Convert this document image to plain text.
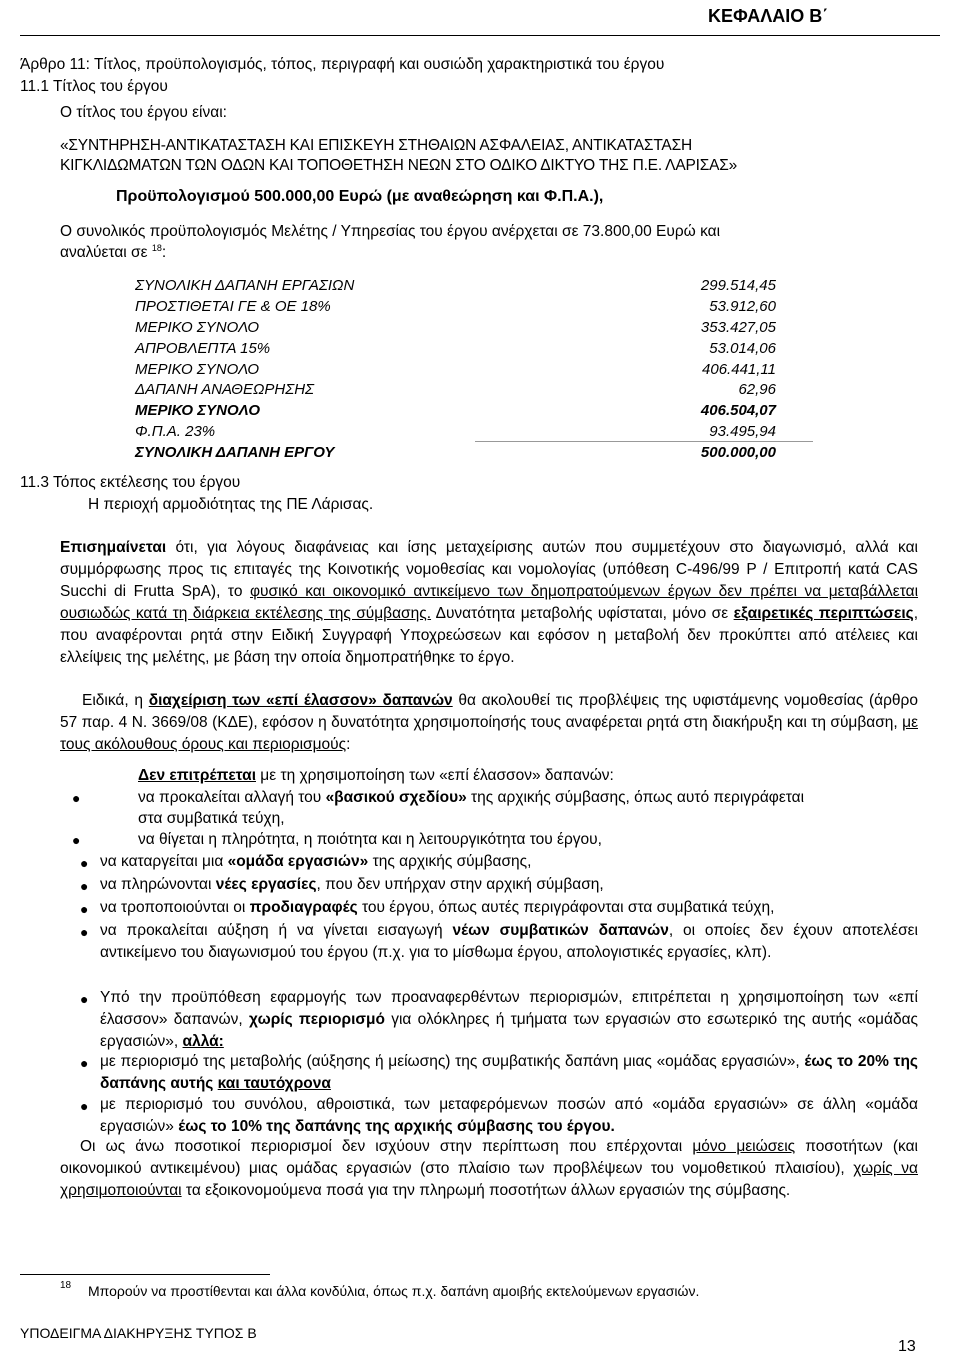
ΚΕΦΑΛΑΙΟ Β΄
Άρθρο 11: Τίτλος, προϋπολογισμός, τόπος, περιγραφή και ουσιώδη χαρακτηριστικά του έργου
11.1 Τίτλος του έργου
Ο τίτλος του έργου είναι:
«ΣΥΝΤΗΡΗΣΗ-ΑΝΤΙΚΑΤΑΣΤΑΣΗ ΚΑΙ ΕΠΙΣΚΕΥΗ ΣΤΗΘΑΙΩΝ ΑΣΦΑΛΕΙΑΣ, ΑΝΤΙΚΑΤΑΣΤΑΣΗ
ΚΙΓΚΛΙΔΩΜΑΤΩΝ ΤΩΝ ΟΔΩΝ ΚΑΙ ΤΟΠΟΘΕΤΗΣΗ ΝΕΩΝ ΣΤΟ ΟΔΙΚΟ ΔΙΚΤΥΟ ΤΗΣ Π.Ε. ΛΑΡΙΣΑΣ»
Προϋπολογισμού 500.000,00 Ευρώ (με αναθεώρηση και Φ.Π.Α.),
Ο συνολικός προϋπολογισμός Μελέτης / Υπηρεσίας του έργου ανέρχεται σε 73.800,00 Ευρώ και
αναλύεται σε $^{18}$:
ΣΥΝΟΛΙΚΗ ΔΑΠΑΝΗ ΕΡΓΑΣΙΩΝ	299.514,45
ΠΡΟΣΤΙΘΕΤΑΙ ΓΕ & ΟΕ 18%	53.912,60
ΜΕΡΙΚΟ ΣΥΝΟΛΟ	353.427,05
ΑΠΡΟΒΛΕΠΤΑ 15%	53.014,06
ΜΕΡΙΚΟ ΣΥΝΟΛΟ	406.441,11
ΔΑΠΑΝΗ ΑΝΑΘΕΩΡΗΣΗΣ	62,96
ΜΕΡΙΚΟ ΣΥΝΟΛΟ	406.504,07
Φ.Π.Α. 23%	93.495,94
ΣΥΝΟΛΙΚΗ ΔΑΠΑΝΗ ΕΡΓΟΥ	500.000,00
11.3 Τόπος εκτέλεσης του έργου
Η περιοχή αρμοδιότητας της ΠΕ Λάρισας.
Επισημαίνεται ότι, για λόγους διαφάνειας και ίσης μεταχείρισης αυτών που συμμετέχουν στο διαγωνισμό, αλλά και συμμόρφωσης προς τις επιταγές της Κοινοτικής νομοθεσίας και νομολογίας (υπόθεση C-496/99 Ρ / Επιτροπή κατά CAS Succhi di Frutta SpA), το φυσικό και οικονομικό αντικείμενο των δημοπρατούμενων έργων δεν πρέπει να μεταβάλλεται ουσιωδώς κατά τη διάρκεια εκτέλεσης της σύμβασης. Δυνατότητα μεταβολής υφίσταται, μόνο σε εξαιρετικές περιπτώσεις, που αναφέρονται ρητά στην Ειδική Συγγραφή Υποχρεώσεων και εφόσον η μεταβολή δεν προκύπτει από ατέλειες και ελλείψεις της μελέτης, με βάση την οποία δημοπρατήθηκε το έργο.
Ειδικά, η διαχείριση των «επί έλασσον» δαπανών θα ακολουθεί τις προβλέψεις της υφιστάμενης νομοθεσίας (άρθρο 57 παρ. 4 Ν. 3669/08 (ΚΔΕ), εφόσον η δυνατότητα χρησιμοποίησής τους αναφέρεται ρητά στη διακήρυξη και τη σύμβαση, με τους ακόλουθους όρους και περιορισμούς:
Δεν επιτρέπεται με τη χρησιμοποίηση των «επί έλασσον» δαπανών:
●	να προκαλείται αλλαγή του «βασικού σχεδίου» της αρχικής σύμβασης, όπως αυτό περιγράφεται
στα συμβατικά τεύχη,
●	να θίγεται η πληρότητα, η ποιότητα και η λειτουργικότητα του έργου,
● να καταργείται μια «ομάδα εργασιών» της αρχικής σύμβασης,
● να πληρώνονται νέες εργασίες, που δεν υπήρχαν στην αρχική σύμβαση,
● να τροποποιούνται οι προδιαγραφές του έργου, όπως αυτές περιγράφονται στα συμβατικά τεύχη,
● να προκαλείται αύξηση ή να γίνεται εισαγωγή νέων συμβατικών δαπανών, οι οποίες δεν έχουν αποτελέσει αντικείμενο του διαγωνισμού του έργου (π.χ. για το μίσθωμα έργου, απολογιστικές εργασίες, κλπ).
● Υπό την προϋπόθεση εφαρμογής των προαναφερθέντων περιορισμών, επιτρέπεται η χρησιμοποίηση των «επί έλασσον» δαπανών, χωρίς περιορισμό για ολόκληρες ή τμήματα των εργασιών στο εσωτερικό της αυτής «ομάδας εργασιών», αλλά:
● με περιορισμό της μεταβολής (αύξησης ή μείωσης) της συμβατικής δαπάνη μιας «ομάδας εργασιών», έως το 20% της δαπάνης αυτής και ταυτόχρονα
● με περιορισμό του συνόλου, αθροιστικά, των μεταφερόμενων ποσών από «ομάδα εργασιών» σε άλλη «ομάδα εργασιών» έως το 10% της δαπάνης της αρχικής σύμβασης του έργου.
Οι ως άνω ποσοτικοί περιορισμοί δεν ισχύουν στην περίπτωση που επέρχονται μόνο μειώσεις ποσοτήτων (και οικονομικού αντικειμένου) μιας ομάδας εργασιών (στο πλαίσιο των προβλέψεων του νομοθετικού πλαισίου), χωρίς να χρησιμοποιούνται τα εξοικονομούμενα ποσά για την πληρωμή ποσοτήτων άλλων εργασιών της σύμβασης.
18 Μπορούν να προστίθενται και άλλα κονδύλια, όπως π.χ. δαπάνη αμοιβής εκτελούμενων εργασιών.
ΥΠΟΔΕΙΓΜΑ ΔΙΑΚΗΡΥΞΗΣ ΤΥΠΟΣ Β
13
